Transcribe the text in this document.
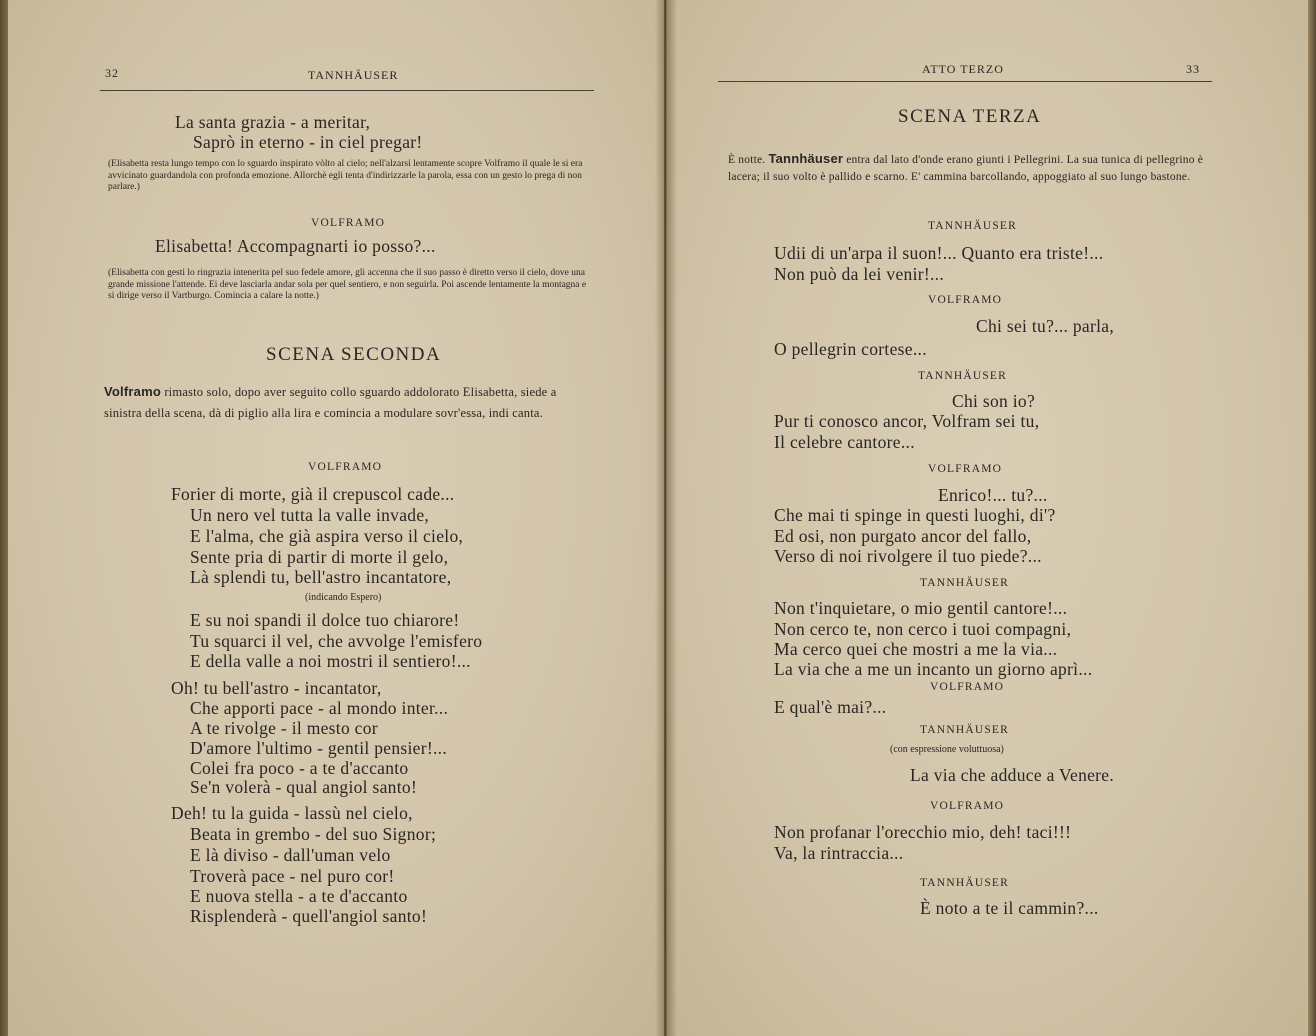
32	TANNHÄUSER
La santa grazia - a meritar,
Saprò in eterno - in ciel pregar!
(Elisabetta resta lungo tempo con lo sguardo inspirato vòlto al cielo; nell'alzarsi lentamente scopre Volframo il quale le si era avvicinato guardandola con profonda emozione. Allorchè egli tenta d'indirizzarle la parola, essa con un gesto lo prega di non parlare.)
VOLFRAMO
Elisabetta! Accompagnarti io posso?...
(Elisabetta con gesti lo ringrazia intenerita pel suo fedele amore, gli accenna che il suo passo è diretto verso il cielo, dove una grande missione l'attende. Ei deve lasciarla andar sola per quel sentiero, e non seguirla. Poi ascende lentamente la montagna e si dirige verso il Vartburgo. Comincia a calare la notte.)
SCENA SECONDA
Volframo rimasto solo, dopo aver seguito collo sguardo addolorato Elisabetta, siede a sinistra della scena, dà di piglio alla lira e comincia a modulare sovr'essa, indi canta.
VOLFRAMO
Forier di morte, già il crepuscol cade...
Un nero vel tutta la valle invade,
E l'alma, che già aspira verso il cielo,
Sente pria di partir di morte il gelo,
Là splendi tu, bell'astro incantatore,
(indicando Espero)
E su noi spandi il dolce tuo chiarore!
Tu squarci il vel, che avvolge l'emisfero
E della valle a noi mostri il sentiero!...
Oh! tu bell'astro - incantator,
Che apporti pace - al mondo inter...
A te rivolge - il mesto cor
D'amore l'ultimo - gentil pensier!...
Colei fra poco - a te d'accanto
Se'n volerà - qual angiol santo!
Deh! tu la guida - lassù nel cielo,
Beata in grembo - del suo Signor;
E là diviso - dall'uman velo
Troverà pace - nel puro cor!
E nuova stella - a te d'accanto
Risplenderà - quell'angiol santo!
ATTO TERZO	33
SCENA TERZA
È notte. Tannhäuser entra dal lato d'onde erano giunti i Pellegrini. La sua tunica di pellegrino è lacera; il suo volto è pallido e scarno. E' cammina barcollando, appoggiato al suo lungo bastone.
TANNHÄUSER
Udii di un'arpa il suon!... Quanto era triste!...
Non può da lei venir!...
VOLFRAMO
Chi sei tu?... parla,
O pellegrin cortese...
TANNHÄUSER
Chi son io?
Pur ti conosco ancor, Volfram sei tu,
Il celebre cantore...
VOLFRAMO
Enrico!... tu?...
Che mai ti spinge in questi luoghi, di'?
Ed osi, non purgato ancor del fallo,
Verso di noi rivolgere il tuo piede?...
TANNHÄUSER
Non t'inquietare, o mio gentil cantore!...
Non cerco te, non cerco i tuoi compagni,
Ma cerco quei che mostri a me la via...
La via che a me un incanto un giorno aprì...
VOLFRAMO
E qual'è mai?...
TANNHÄUSER
(con espressione voluttuosa)
La via che adduce a Venere.
VOLFRAMO
Non profanar l'orecchio mio, deh! taci!!!
Va, la rintraccia...
TANNHÄUSER
È noto a te il cammin?...
